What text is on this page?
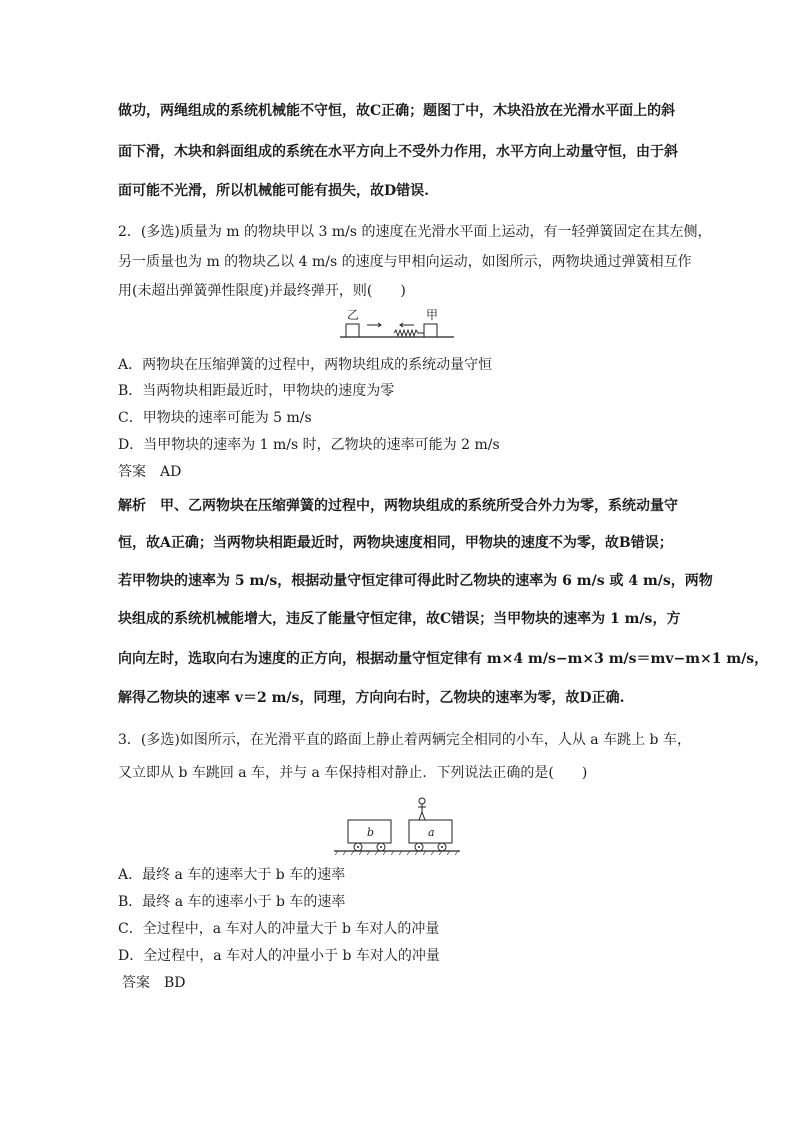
做功，两绳组成的系统机械能不守恒，故C正确；题图丁中，木块沿放在光滑水平面上的斜
面下滑，木块和斜面组成的系统在水平方向上不受外力作用，水平方向上动量守恒，由于斜
面可能不光滑，所以机械能可能有损失，故D错误.
2．(多选)质量为 m 的物块甲以 3 m/s 的速度在光滑水平面上运动，有一轻弹簧固定在其左侧，
另一质量也为 m 的物块乙以 4 m/s 的速度与甲相向运动，如图所示，两物块通过弹簧相互作
用(未超出弹簧弹性限度)并最终弹开，则(　　)
乙	甲
A．两物块在压缩弹簧的过程中，两物块组成的系统动量守恒
B．当两物块相距最近时，甲物块的速度为零
C．甲物块的速率可能为 5 m/s
D．当甲物块的速率为 1 m/s 时，乙物块的速率可能为 2 m/s
答案　AD
解析　甲、乙两物块在压缩弹簧的过程中，两物块组成的系统所受合外力为零，系统动量守
恒，故A正确；当两物块相距最近时，两物块速度相同，甲物块的速度不为零，故B错误；
若甲物块的速率为 5 m/s，根据动量守恒定律可得此时乙物块的速率为 6 m/s 或 4 m/s，两物
块组成的系统机械能增大，违反了能量守恒定律，故C错误；当甲物块的速率为 1 m/s，方
向向左时，选取向右为速度的正方向，根据动量守恒定律有 m×4 m/s−m×3 m/s＝mv−m×1 m/s，
解得乙物块的速率 v＝2 m/s，同理，方向向右时，乙物块的速率为零，故D正确.
3．(多选)如图所示，在光滑平直的路面上静止着两辆完全相同的小车，人从 a 车跳上 b 车，
又立即从 b 车跳回 a 车，并与 a 车保持相对静止．下列说法正确的是(　　)
b	a
A．最终 a 车的速率大于 b 车的速率
B．最终 a 车的速率小于 b 车的速率
C．全过程中，a 车对人的冲量大于 b 车对人的冲量
D．全过程中，a 车对人的冲量小于 b 车对人的冲量
答案　BD
